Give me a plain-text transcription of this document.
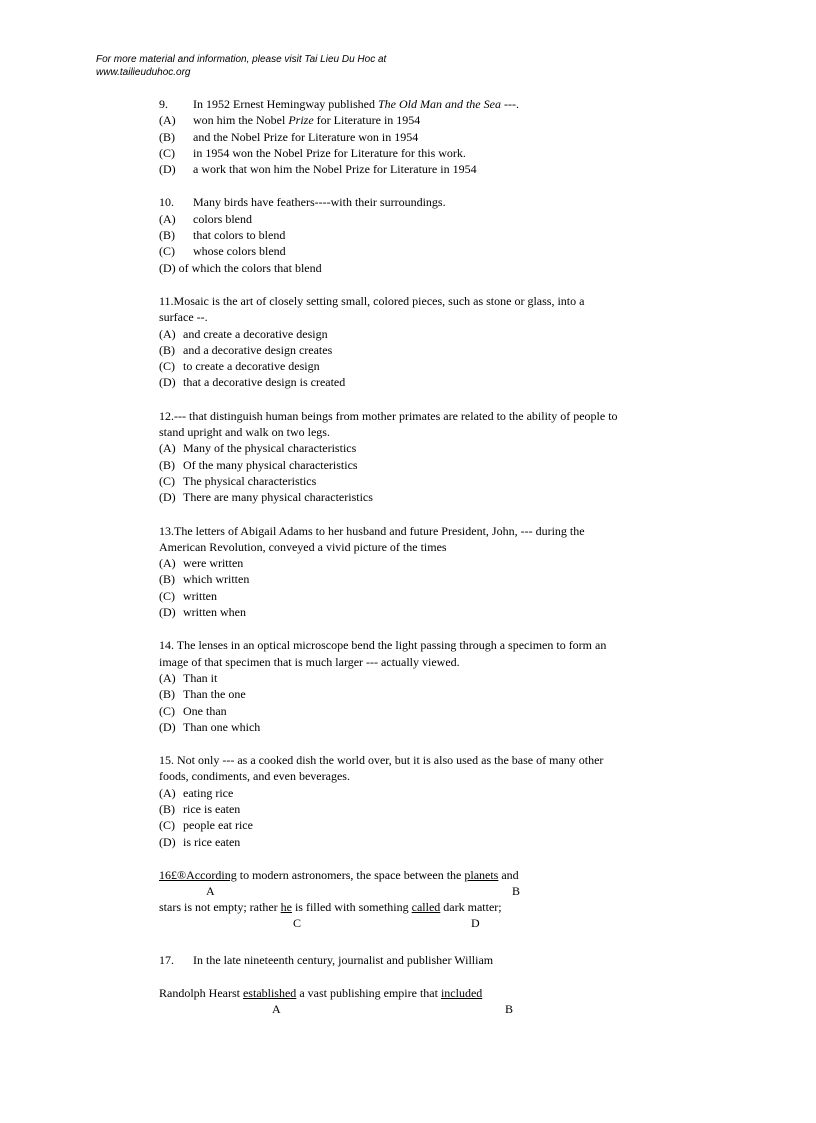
For more material and information, please visit Tai Lieu Du Hoc at
www.tailieuduhoc.org
9. In 1952 Ernest Hemingway published The Old Man and the Sea ---.
(A) won him the Nobel Prize for Literature in 1954
(B) and the Nobel Prize for Literature won in 1954
(C) in 1954 won the Nobel Prize for Literature for this work.
(D) a work that won him the Nobel Prize for Literature in 1954
10. Many birds have feathers----with their surroundings.
(A) colors blend
(B) that colors to blend
(C) whose colors blend
(D) of which the colors that blend
11.Mosaic is the art of closely setting small, colored pieces, such as stone or glass, into a
surface --.
(A) and create a decorative design
(B) and a decorative design creates
(C) to create a decorative design
(D) that a decorative design is created
12.--- that distinguish human beings from mother primates are related to the ability of people to
stand upright and walk on two legs.
(A) Many of the physical characteristics
(B) Of the many physical characteristics
(C) The physical characteristics
(D) There are many physical characteristics
13.The letters of Abigail Adams to her husband and future President, John, --- during the
American Revolution, conveyed a vivid picture of the times
(A) were written
(B) which written
(C) written
(D) written when
14. The lenses in an optical microscope bend the light passing through a specimen to form an
image of that specimen that is much larger --- actually viewed.
(A) Than it
(B) Than the one
(C) One than
(D) Than one which
15. Not only --- as a cooked dish the world over, but it is also used as the base of many other
foods, condiments, and even beverages.
(A) eating rice
(B) rice is eaten
(C) people eat rice
(D) is rice eaten
16£®According to modern astronomers, the space between the planets and
A	B
stars is not empty; rather he is filled with something called dark matter;
C	D
17. In the late nineteenth century, journalist and publisher William
Randolph Hearst established a vast publishing empire that included
A	B
